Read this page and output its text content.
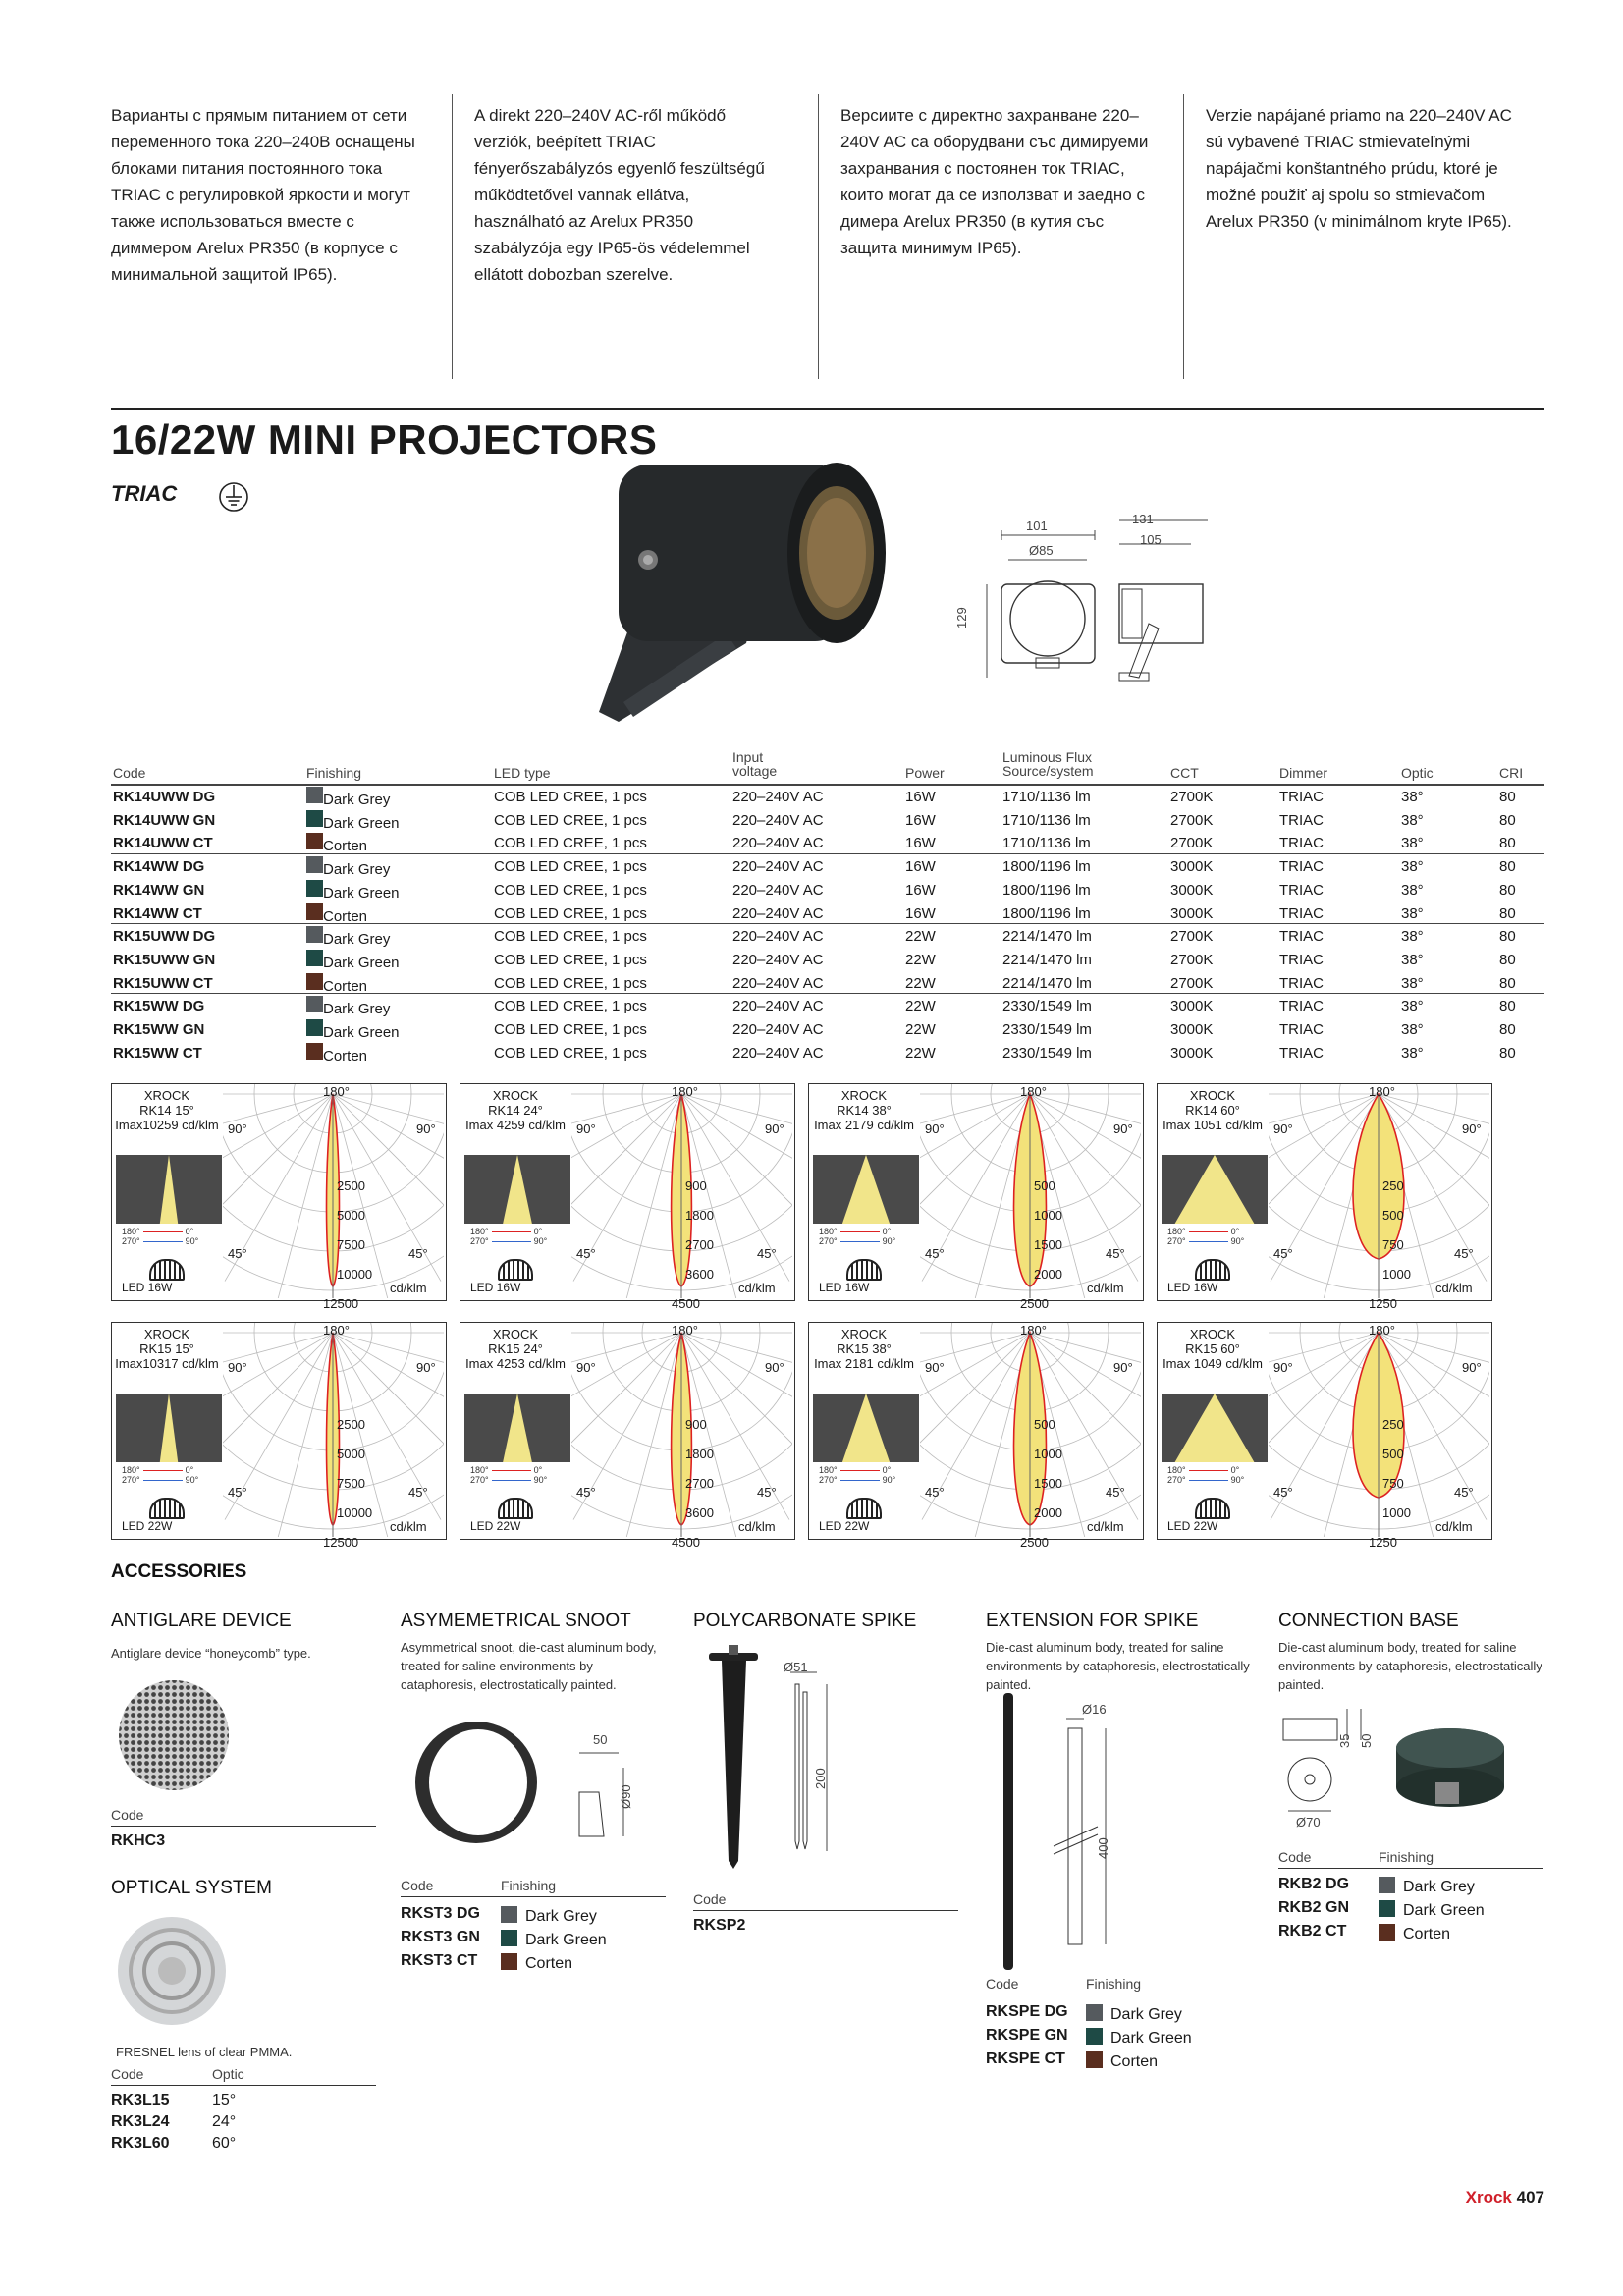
Варианты с прямым питанием от сети переменного тока 220–240В оснащены блоками питания постоянного тока TRIAC с регулировкой яркости и могут также использоваться вместе с диммером Arelux PR350 (в корпусе с минимальной защитой IP65).
A direkt 220–240V AC-ről működő verziók, beépített TRIAC fényerőszabályzós egyenlő feszültségű működtetővel vannak ellátva, használható az Arelux PR350 szabályzója egy IP65-ös védelemmel ellátott dobozban szerelve.
Версиите с директно захранване 220–240V AC са оборудвани със димируеми захранвания с постоянен ток TRIAC, които могат да се използват и заедно с димера Arelux PR350 (в кутия със защита минимум IP65).
Verzie napájané priamo na 220–240V AC sú vybavené TRIAC stmievateľnými napájačmi konštantného prúdu, ktoré je možné použiť aj spolu so stmievačom Arelux PR350 (v minimálnom kryte IP65).
16/22W MINI PROJECTORS
TRIAC
101
Ø85
129
131
105
Code	Finishing	LED type
Input
voltage	Power
Luminous Flux
Source/system	CCT	Dimmer	Optic	CRI
RK14UWW DG	Dark Grey	COB LED CREE, 1 pcs	220–240V AC	16W	1710/1136 lm	2700K	TRIAC	38°	80
RK14UWW GN	Dark Green	COB LED CREE, 1 pcs	220–240V AC	16W	1710/1136 lm	2700K	TRIAC	38°	80
RK14UWW CT	Corten	COB LED CREE, 1 pcs	220–240V AC	16W	1710/1136 lm	2700K	TRIAC	38°	80
RK14WW DG	Dark Grey	COB LED CREE, 1 pcs	220–240V AC	16W	1800/1196 lm	3000K	TRIAC	38°	80
RK14WW GN	Dark Green	COB LED CREE, 1 pcs	220–240V AC	16W	1800/1196 lm	3000K	TRIAC	38°	80
RK14WW CT	Corten	COB LED CREE, 1 pcs	220–240V AC	16W	1800/1196 lm	3000K	TRIAC	38°	80
RK15UWW DG	Dark Grey	COB LED CREE, 1 pcs	220–240V AC	22W	2214/1470 lm	2700K	TRIAC	38°	80
RK15UWW GN	Dark Green	COB LED CREE, 1 pcs	220–240V AC	22W	2214/1470 lm	2700K	TRIAC	38°	80
RK15UWW CT	Corten	COB LED CREE, 1 pcs	220–240V AC	22W	2214/1470 lm	2700K	TRIAC	38°	80
RK15WW DG	Dark Grey	COB LED CREE, 1 pcs	220–240V AC	22W	2330/1549 lm	3000K	TRIAC	38°	80
RK15WW GN	Dark Green	COB LED CREE, 1 pcs	220–240V AC	22W	2330/1549 lm	3000K	TRIAC	38°	80
RK15WW CT	Corten	COB LED CREE, 1 pcs	220–240V AC	22W	2330/1549 lm	3000K	TRIAC	38°	80
XROCK
RK14 15°
Imax10259 cd/klm
180°	0°
270°	90°
LED 16W
2500
5000
7500
10000
12500
180°
90°	90°
45°	45°
cd/klm
XROCK
RK14 24°
Imax 4259 cd/klm
180°	0°
270°	90°
LED 16W
900
1800
2700
3600
4500
180°
90°	90°
45°	45°
cd/klm
XROCK
RK14 38°
Imax 2179 cd/klm
180°	0°
270°	90°
LED 16W
500
1000
1500
2000
2500
180°
90°	90°
45°	45°
cd/klm
XROCK
RK14 60°
Imax 1051 cd/klm
180°	0°
270°	90°
LED 16W
250
500
750
1000
1250
180°
90°	90°
45°	45°
cd/klm
XROCK
RK15 15°
Imax10317 cd/klm
180°	0°
270°	90°
LED 22W
2500
5000
7500
10000
12500
180°
90°	90°
45°	45°
cd/klm
XROCK
RK15 24°
Imax 4253 cd/klm
180°	0°
270°	90°
LED 22W
900
1800
2700
3600
4500
180°
90°	90°
45°	45°
cd/klm
XROCK
RK15 38°
Imax 2181 cd/klm
180°	0°
270°	90°
LED 22W
500
1000
1500
2000
2500
180°
90°	90°
45°	45°
cd/klm
XROCK
RK15 60°
Imax 1049 cd/klm
180°	0°
270°	90°
LED 22W
250
500
750
1000
1250
180°
90°	90°
45°	45°
cd/klm
ACCESSORIES
ANTIGLARE DEVICE
Antiglare device “honeycomb” type.
Code
RKHC3
OPTICAL SYSTEM
FRESNEL lens of clear PMMA.
Code	Optic
RK3L15	15°
RK3L24	24°
RK3L60	60°
ASYMEMETRICAL SNOOT
Asymmetrical snoot, die-cast aluminum body, treated for saline environments by cataphoresis, electrostatically painted.
50
Ø90
Code	Finishing
RKST3 DG	Dark Grey
RKST3 GN	Dark Green
RKST3 CT	Corten
POLYCARBONATE SPIKE
Ø51
200
Code
RKSP2
EXTENSION FOR SPIKE
Die-cast aluminum body, treated for saline environments by cataphoresis, electrostatically painted.
Ø16
400
Code	Finishing
RKSPE DG	Dark Grey
RKSPE GN	Dark Green
RKSPE CT	Corten
CONNECTION BASE
Die-cast aluminum body, treated for saline environments by cataphoresis, electrostatically painted.
35 50
Ø70
Code	Finishing
RKB2 DG	Dark Grey
RKB2 GN	Dark Green
RKB2 CT	Corten
Xrock 407
